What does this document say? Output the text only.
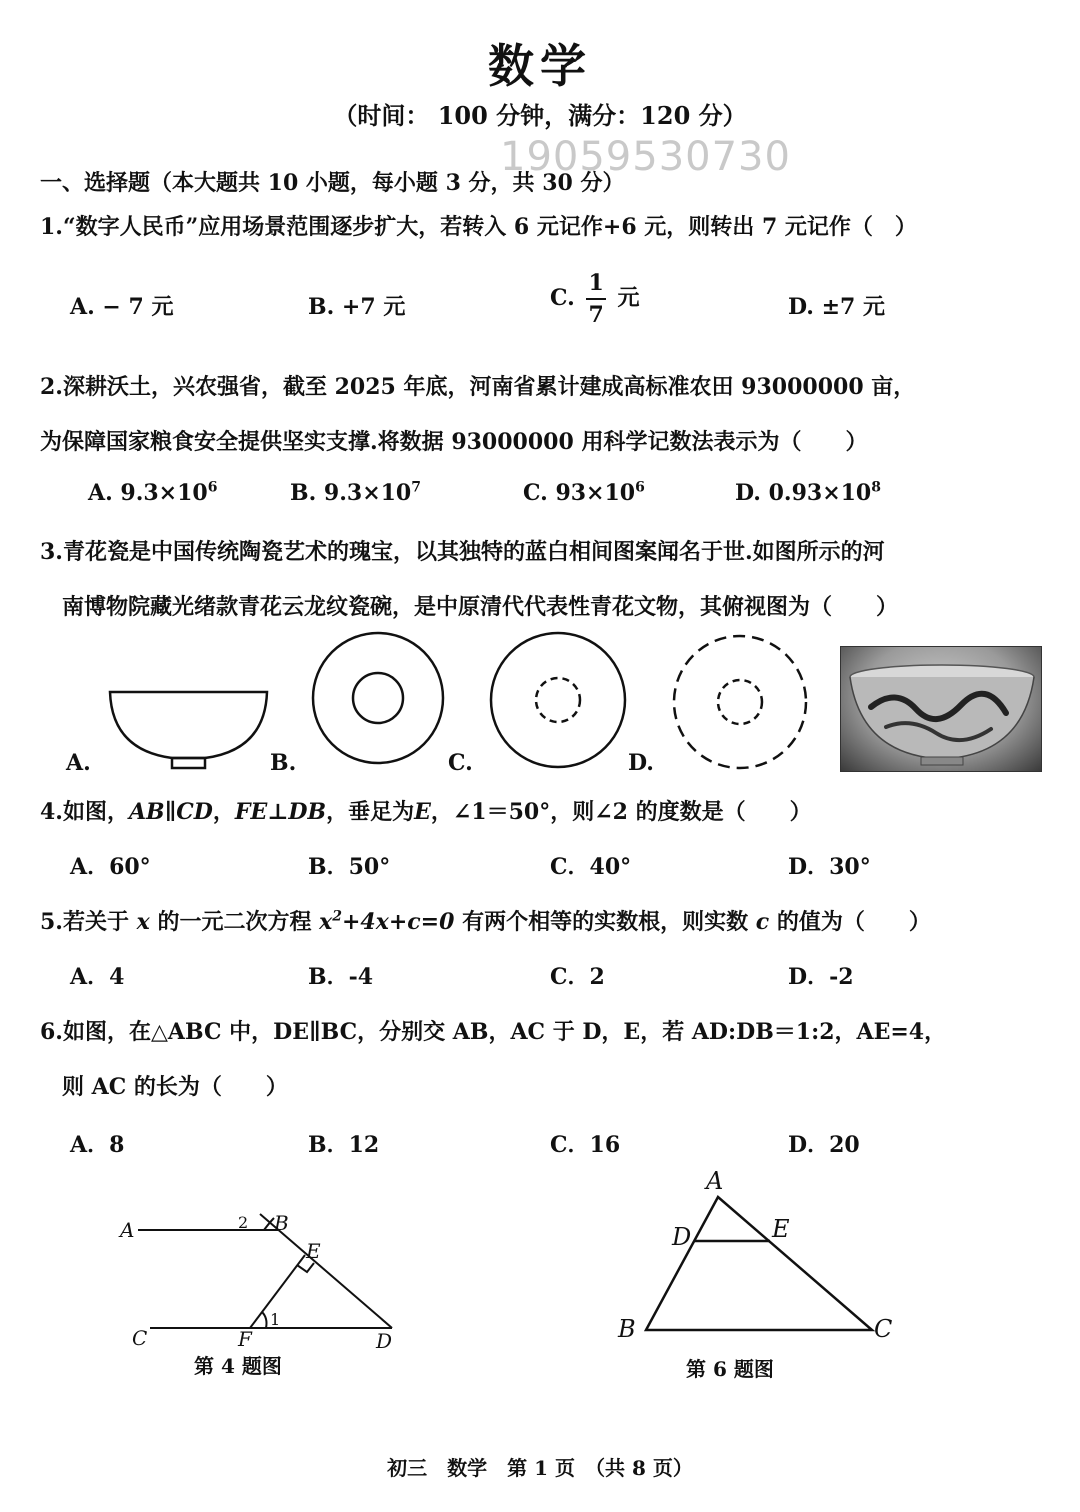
数学
（时间： 100 分钟，满分：120 分）
19059530730
一、选择题（本大题共 10 小题，每小题 3 分，共 30 分）
1.“数字人民币”应用场景范围逐步扩大，若转入 6 元记作+6 元，则转出 7 元记作（　）
A. − 7 元	B. +7 元	C. $\frac{1}{7}$ 元	D. ±7 元
2.深耕沃土，兴农强省，截至 2025 年底，河南省累计建成高标准农田 93000000 亩，
为保障国家粮食安全提供坚实支撑.将数据 93000000 用科学记数法表示为（　　）
A. $9.3\times 10^6$	B. $9.3\times 10^7$	C. $93\times 10^6$	D. $0.93\times 10^8$
3.青花瓷是中国传统陶瓷艺术的瑰宝，以其独特的蓝白相间图案闻名于世.如图所示的河
南博物院藏光绪款青花云龙纹瓷碗，是中原清代代表性青花文物，其俯视图为（　　）
A.	B.	C.	D.
4.如图，AB∥CD，FE⊥DB，垂足为E，∠1＝50°，则∠2 的度数是（　　）
A．60°	B．50°	C．40°	D．30°
5.若关于 x 的一元二次方程 $x^2+4x+c=0$ 有两个相等的实数根，则实数 c 的值为（　　）
A．4	B．-4	C．2	D．-2
6.如图，在△ABC 中，DE∥BC，分别交 AB，AC 于 D，E，若 AD:DB＝1:2，AE=4，
则 AC 的长为（　　）
A．8	B．12	C．16	D．20
A	B
C	D
E
F
1
2
第 4 题图
A
D	E
B	C
第 6 题图
初三　数学　第 1 页　（共 8 页）
